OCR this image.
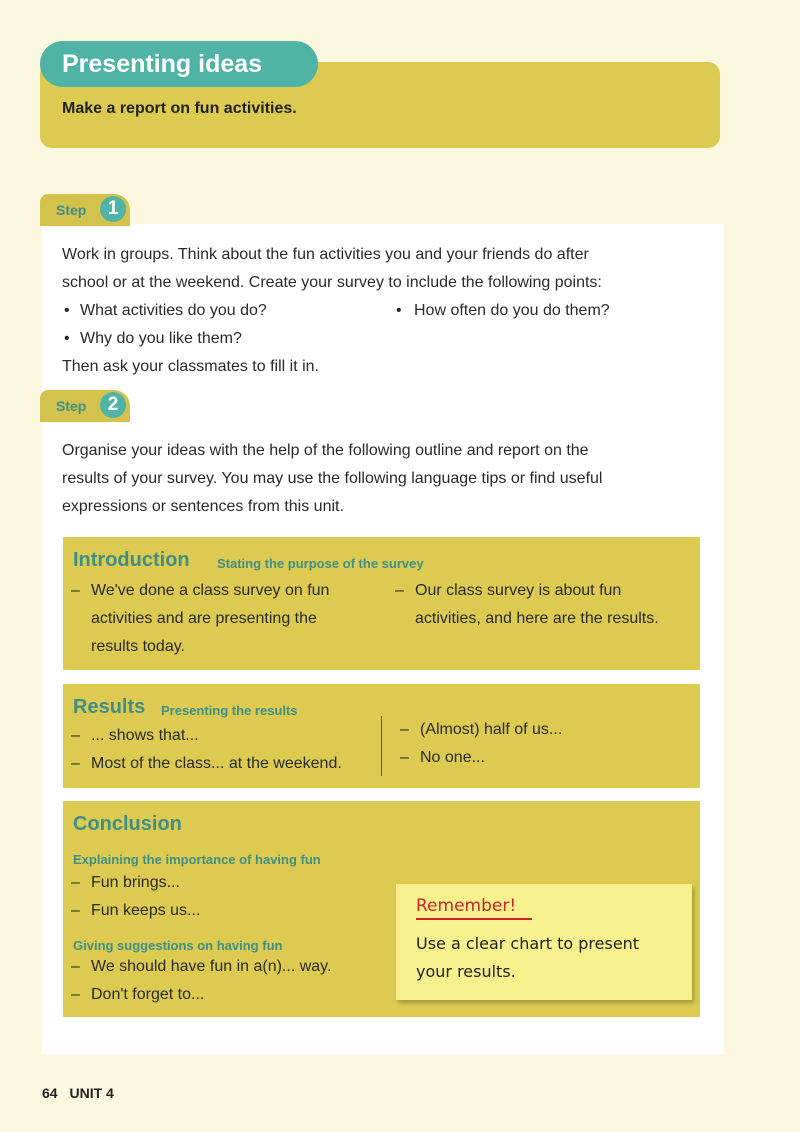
Presenting ideas
Make a report on fun activities.
Step	1
Work in groups. Think about the fun activities you and your friends do after
school or at the weekend. Create your survey to include the following points:
• What activities do you do?	• How often do you do them?
• Why do you like them?
Then ask your classmates to fill it in.
Step	2
Organise your ideas with the help of the following outline and report on the
results of your survey. You may use the following language tips or find useful
expressions or sentences from this unit.
Introduction Stating the purpose of the survey
– We've done a class survey on fun
activities and are presenting the
results today.
– Our class survey is about fun
activities, and here are the results.
Results Presenting the results
– ... shows that...
– Most of the class... at the weekend.
– (Almost) half of us...
– No one...
Conclusion
Explaining the importance of having fun
– Fun brings...
– Fun keeps us...
Giving suggestions on having fun
– We should have fun in a(n)... way.
– Don't forget to...
Remember!
Use a clear chart to present
your results.
64 UNIT 4
